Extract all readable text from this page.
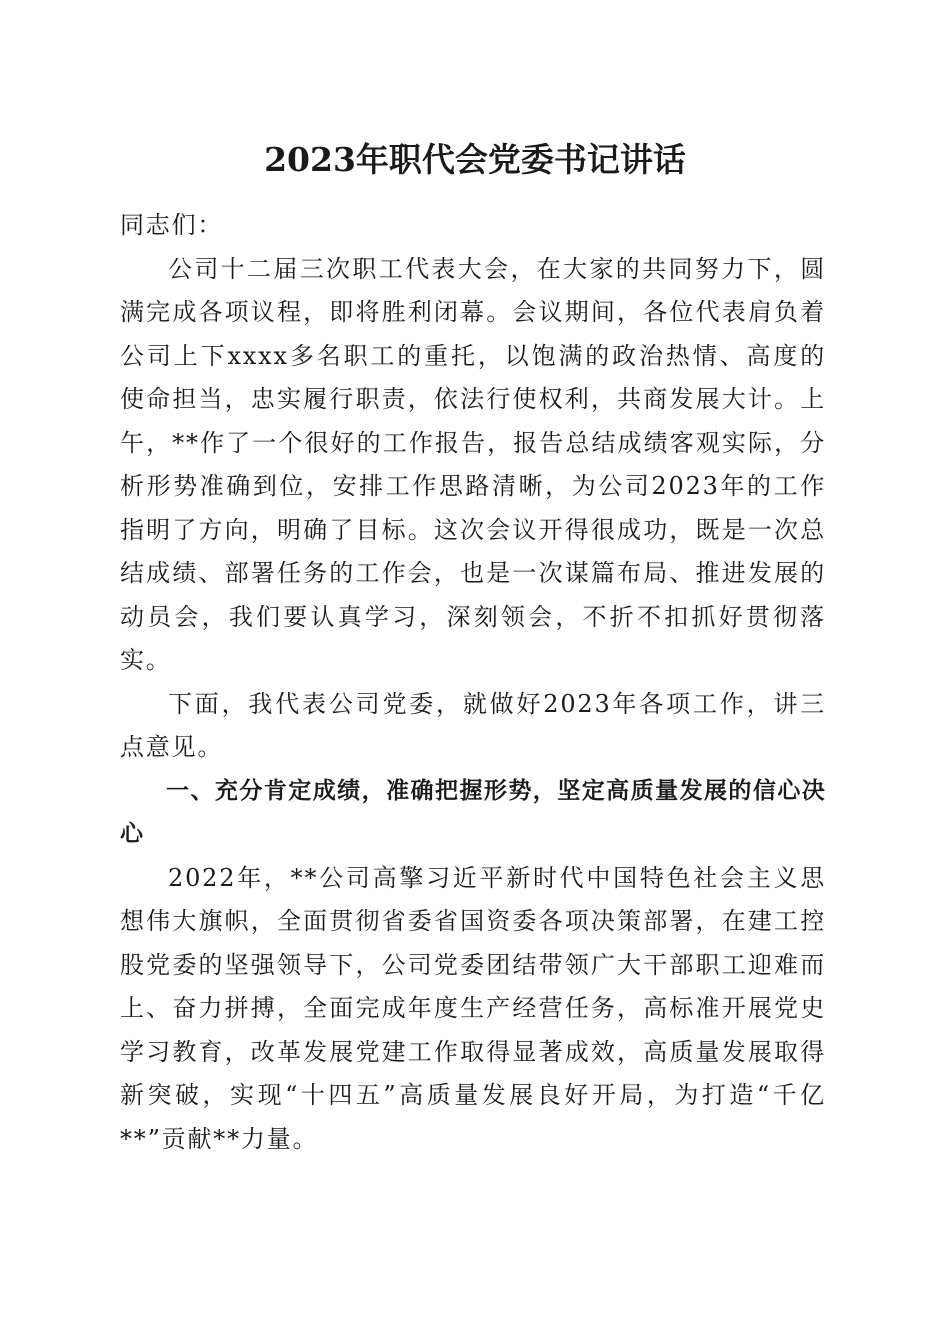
2023年职代会党委书记讲话

同志们：

公司十二届三次职工代表大会，在大家的共同努力下，圆满完成各项议程，即将胜利闭幕。会议期间，各位代表肩负着公司上下xxxx多名职工的重托，以饱满的政治热情、高度的使命担当，忠实履行职责，依法行使权利，共商发展大计。上午，**作了一个很好的工作报告，报告总结成绩客观实际，分析形势准确到位，安排工作思路清晰，为公司2023年的工作指明了方向，明确了目标。这次会议开得很成功，既是一次总结成绩、部署任务的工作会，也是一次谋篇布局、推进发展的动员会，我们要认真学习，深刻领会，不折不扣抓好贯彻落实。

下面，我代表公司党委，就做好2023年各项工作，讲三点意见。

一、充分肯定成绩，准确把握形势，坚定高质量发展的信心决心

2022年，**公司高擎习近平新时代中国特色社会主义思想伟大旗帜，全面贯彻省委省国资委各项决策部署，在建工控股党委的坚强领导下，公司党委团结带领广大干部职工迎难而上、奋力拼搏，全面完成年度生产经营任务，高标准开展党史学习教育，改革发展党建工作取得显著成效，高质量发展取得新突破，实现“十四五”高质量发展良好开局，为打造“千亿**”贡献**力量。
